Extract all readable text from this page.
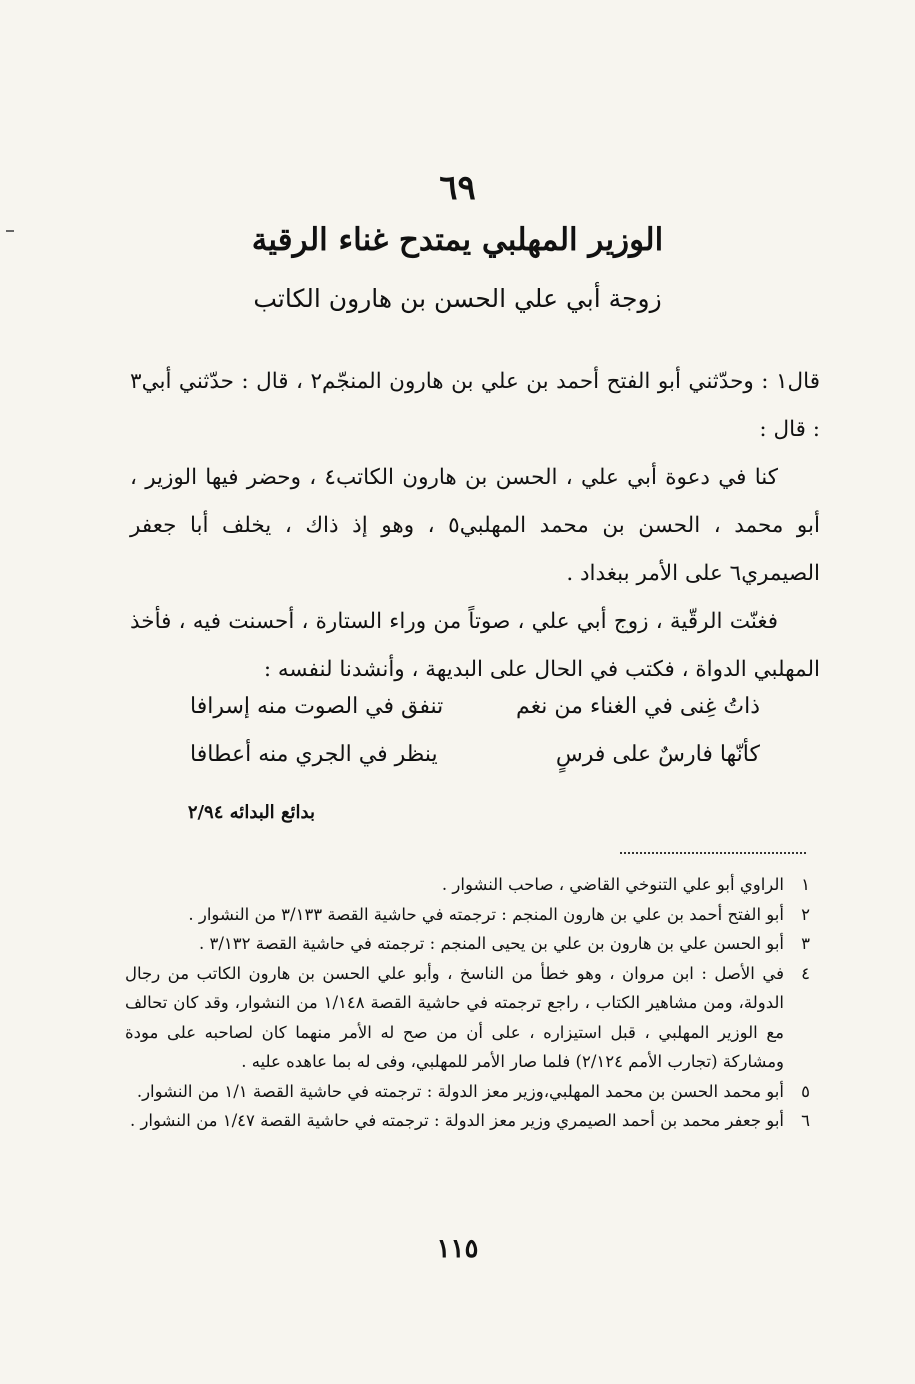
٦٩
الوزير المهلبي يمتدح غناء الرقية
زوجة أبي علي الحسن بن هارون الكاتب

قال١ : وحدّثني أبو الفتح أحمد بن علي بن هارون المنجّم٢ ، قال : حدّثني أبي٣ : قال :

كنا في دعوة أبي علي ، الحسن بن هارون الكاتب٤ ، وحضر فيها الوزير ، أبو محمد ، الحسن بن محمد المهلبي٥ ، وهو إذ ذاك ، يخلف أبا جعفر الصيمري٦ على الأمر ببغداد .

فغنّت الرقّية ، زوج أبي علي ، صوتاً من وراء الستارة ، أحسنت فيه ، فأخذ المهلبي الدواة ، فكتب في الحال على البديهة ، وأنشدنا لنفسه :

ذاتُ غِنى في الغناء من نغم
تنفق في الصوت منه إسرافا
كأنّها فارسٌ على فرسٍ
ينظر في الجري منه أعطافا
بدائع البدائه ٢/٩٤
١
الراوي أبو علي التنوخي القاضي ، صاحب النشوار .
٢
أبو الفتح أحمد بن علي بن هارون المنجم : ترجمته في حاشية القصة ٣/١٣٣ من النشوار .
٣
أبو الحسن علي بن هارون بن علي بن يحيى المنجم : ترجمته في حاشية القصة ٣/١٣٢ .
٤
في الأصل : ابن مروان ، وهو خطأ من الناسخ ، وأبو علي الحسن بن هارون الكاتب من رجال الدولة، ومن مشاهير الكتاب ، راجع ترجمته في حاشية القصة ١/١٤٨ من النشوار، وقد كان تحالف مع الوزير المهلبي ، قبل استيزاره ، على أن من صح له الأمر منهما كان لصاحبه على مودة ومشاركة (تجارب الأمم ٢/١٢٤) فلما صار الأمر للمهلبي، وفى له بما عاهده عليه .
٥
أبو محمد الحسن بن محمد المهلبي،وزير معز الدولة : ترجمته في حاشية القصة ١/١ من النشوار.
٦
أبو جعفر محمد بن أحمد الصيمري وزير معز الدولة : ترجمته في حاشية القصة ١/٤٧ من النشوار .
١١٥
